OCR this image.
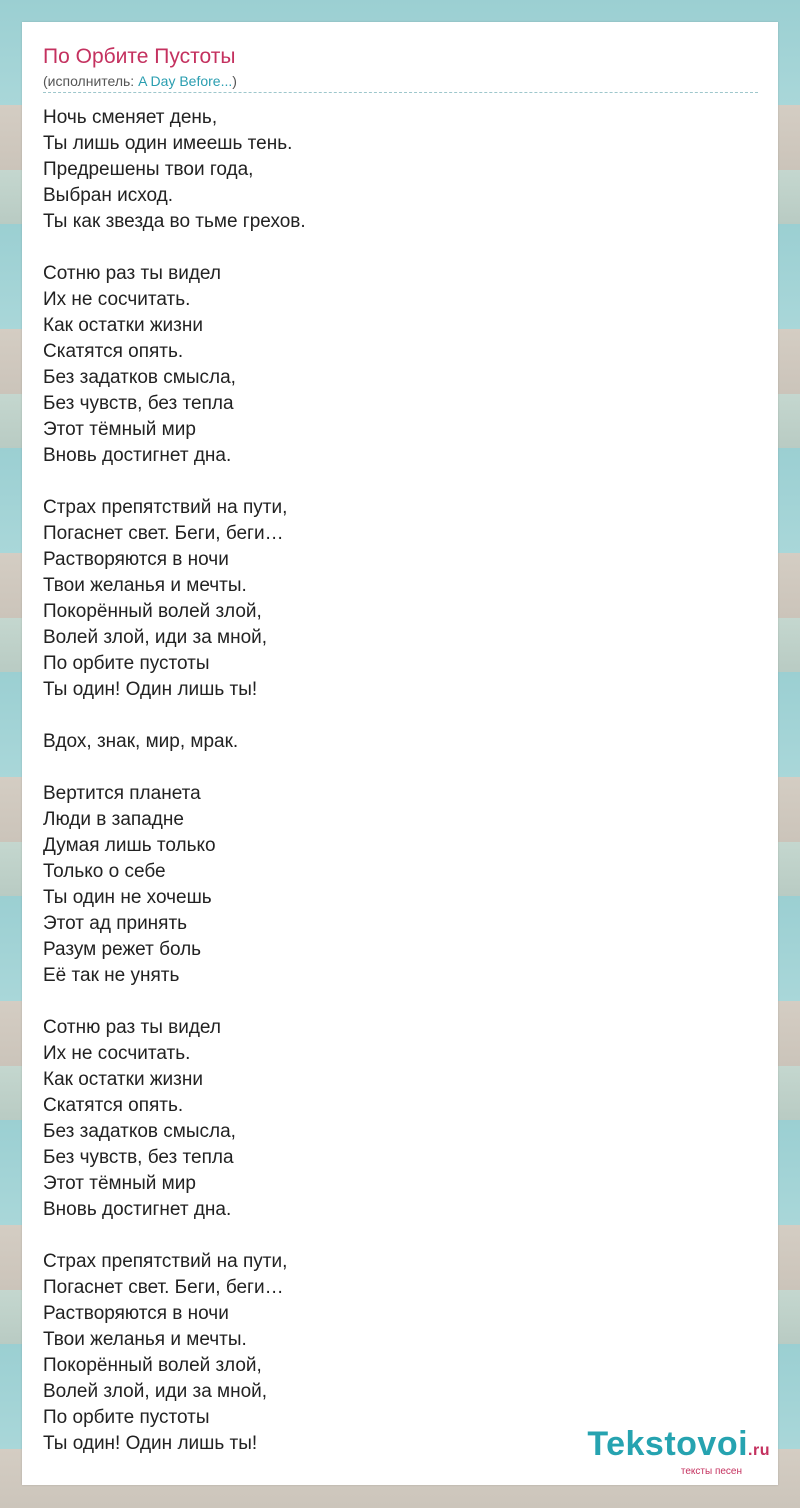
По Орбите Пустоты
(исполнитель: A Day Before...)
Ночь сменяет день,
Ты лишь один имеешь тень.
Предрешены твои года,
Выбран исход.
Ты как звезда во тьме грехов.
Сотню раз ты видел
Их не сосчитать.
Как остатки жизни
Скатятся опять.
Без задатков смысла,
Без чувств, без тепла
Этот тёмный мир
Вновь достигнет дна.
Страх препятствий на пути,
Погаснет свет. Беги, беги…
Растворяются в ночи
Твои желанья и мечты.
Покорённый волей злой,
Волей злой, иди за мной,
По орбите пустоты
Ты один! Один лишь ты!
Вдох, знак, мир, мрак.
Вертится планета
Люди в западне
Думая лишь только
Только о себе
Ты один не хочешь
Этот ад принять
Разум режет боль
Её так не унять
Сотню раз ты видел
Их не сосчитать.
Как остатки жизни
Скатятся опять.
Без задатков смысла,
Без чувств, без тепла
Этот тёмный мир
Вновь достигнет дна.
Страх препятствий на пути,
Погаснет свет. Беги, беги…
Растворяются в ночи
Твои желанья и мечты.
Покорённый волей злой,
Волей злой, иди за мной,
По орбите пустоты
Ты один! Один лишь ты!	Tekstovoi.ru
тексты песен
